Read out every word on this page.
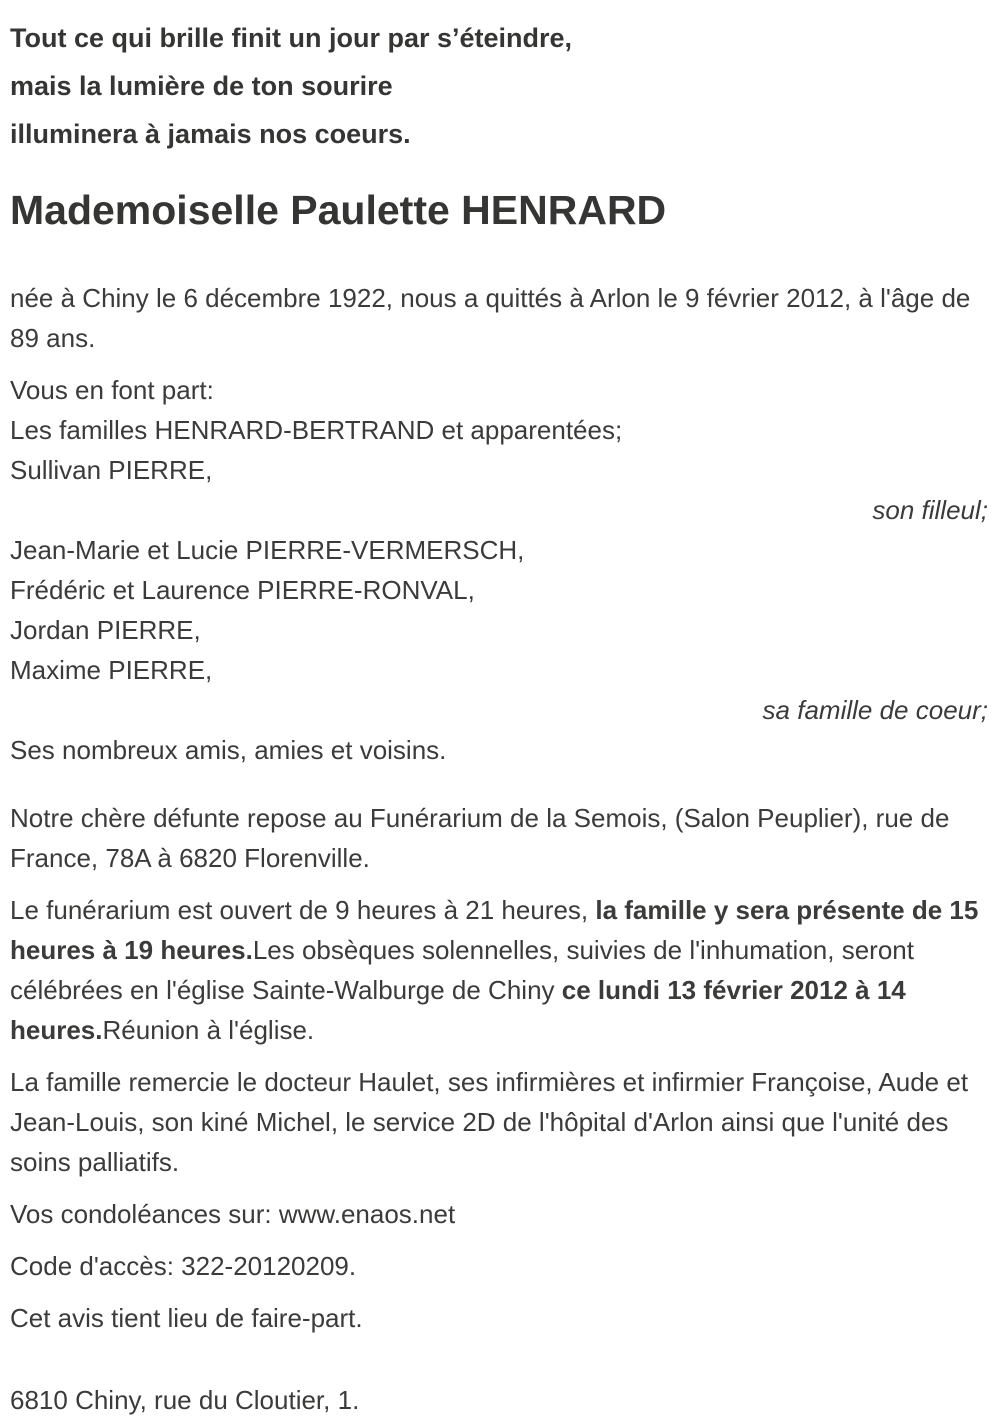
Tout ce qui brille finit un jour par s’éteindre,

mais la lumière de ton sourire

illuminera à jamais nos coeurs.

Mademoiselle Paulette HENRARD

née à Chiny le 6 décembre 1922, nous a quittés à Arlon le 9 février 2012, à l'âge de 89 ans.

Vous en font part:

Les familles HENRARD-BERTRAND et apparentées;

Sullivan PIERRE,

son filleul;

Jean-Marie et Lucie PIERRE-VERMERSCH,

Frédéric et Laurence PIERRE-RONVAL,

Jordan PIERRE,

Maxime PIERRE,

sa famille de coeur;

Ses nombreux amis, amies et voisins.

Notre chère défunte repose au Funérarium de la Semois, (Salon Peuplier), rue de France, 78A à 6820 Florenville.

Le funérarium est ouvert de 9 heures à 21 heures, la famille y sera présente de 15 heures à 19 heures.Les obsèques solennelles, suivies de l'inhumation, seront célébrées en l'église Sainte-Walburge de Chiny ce lundi 13 février 2012 à 14 heures.Réunion à l'église.

La famille remercie le docteur Haulet, ses infirmières et infirmier Françoise, Aude et Jean-Louis, son kiné Michel, le service 2D de l'hôpital d'Arlon ainsi que l'unité des soins palliatifs.

Vos condoléances sur: www.enaos.net

Code d'accès: 322-20120209.

Cet avis tient lieu de faire-part.

6810 Chiny, rue du Cloutier, 1.
